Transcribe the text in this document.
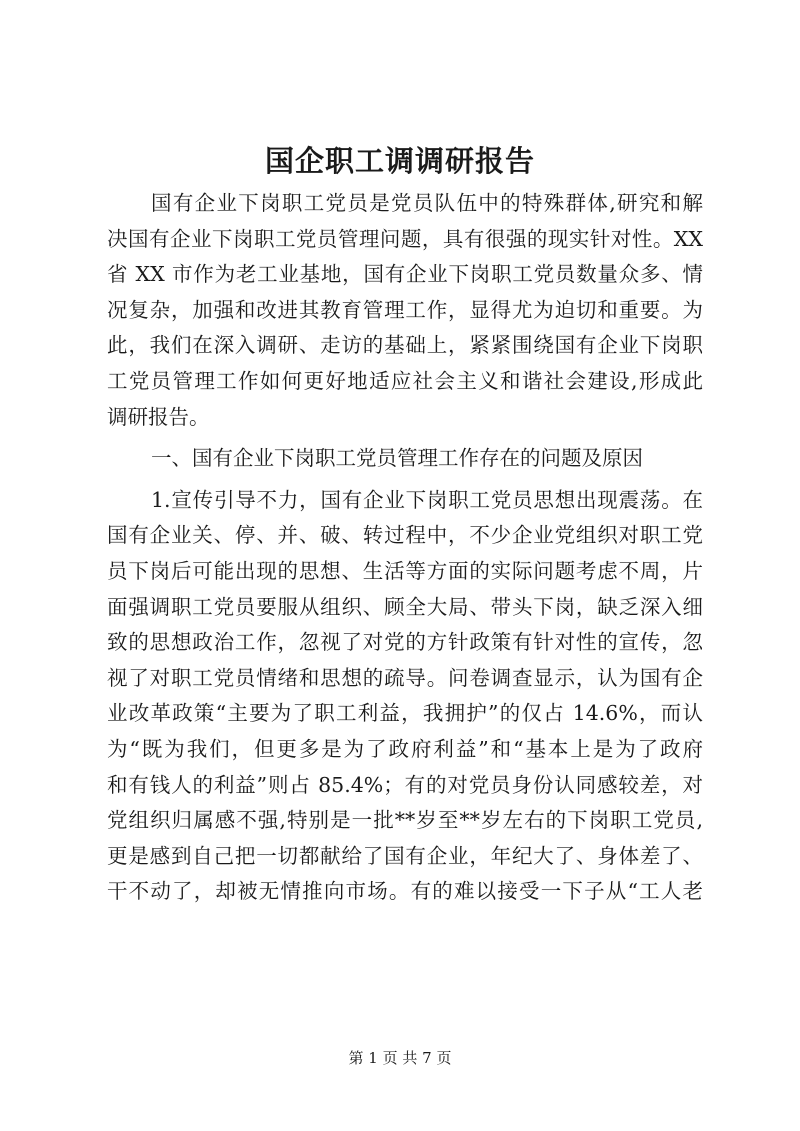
国企职工调调研报告
国有企业下岗职工党员是党员队伍中的特殊群体,研究和解
决国有企业下岗职工党员管理问题，具有很强的现实针对性。XX
省 XX 市作为老工业基地，国有企业下岗职工党员数量众多、情
况复杂，加强和改进其教育管理工作，显得尤为迫切和重要。为
此，我们在深入调研、走访的基础上，紧紧围绕国有企业下岗职
工党员管理工作如何更好地适应社会主义和谐社会建设,形成此
调研报告。
一、国有企业下岗职工党员管理工作存在的问题及原因
1.宣传引导不力，国有企业下岗职工党员思想出现震荡。在
国有企业关、停、并、破、转过程中，不少企业党组织对职工党
员下岗后可能出现的思想、生活等方面的实际问题考虑不周，片
面强调职工党员要服从组织、顾全大局、带头下岗，缺乏深入细
致的思想政治工作，忽视了对党的方针政策有针对性的宣传，忽
视了对职工党员情绪和思想的疏导。问卷调查显示，认为国有企
业改革政策“主要为了职工利益，我拥护”的仅占 14.6%，而认
为“既为我们，但更多是为了政府利益”和“基本上是为了政府
和有钱人的利益”则占 85.4%；有的对党员身份认同感较差，对
党组织归属感不强,特别是一批**岁至**岁左右的下岗职工党员,
更是感到自己把一切都献给了国有企业，年纪大了、身体差了、
干不动了，却被无情推向市场。有的难以接受一下子从“工人老
第 1 页 共 7 页
